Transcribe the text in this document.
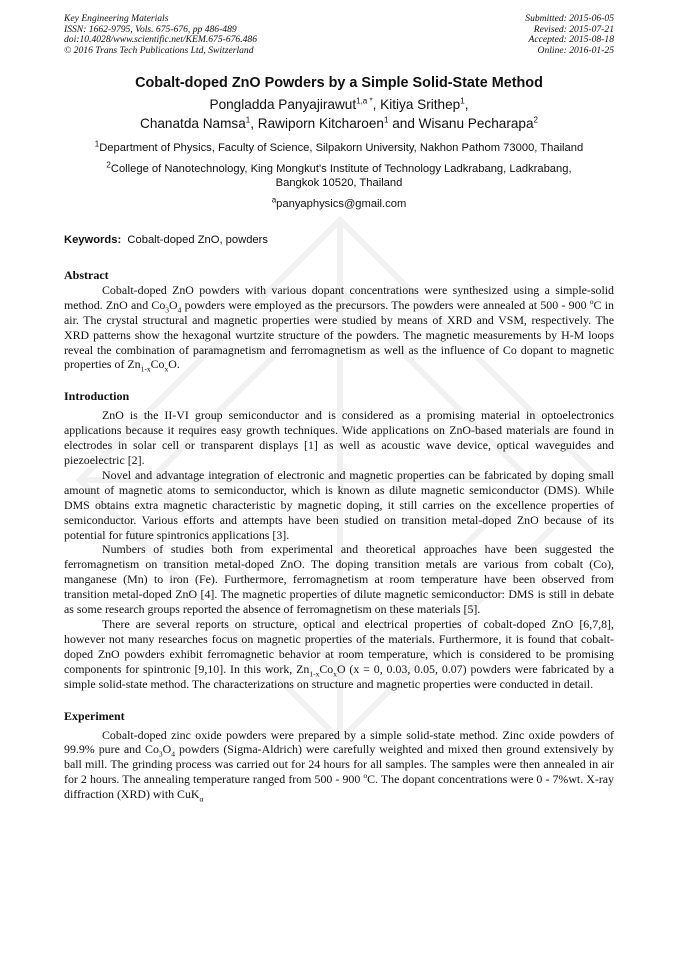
Key Engineering Materials
ISSN: 1662-9795, Vols. 675-676, pp 486-489
doi:10.4028/www.scientific.net/KEM.675-676.486
© 2016 Trans Tech Publications Ltd, Switzerland
Submitted: 2015-06-05
Revised: 2015-07-21
Accepted: 2015-08-18
Online: 2016-01-25
Cobalt-doped ZnO Powders by a Simple Solid-State Method
Pongladda Panyajirawut$^{1,a *}$, Kitiya Srithep$^1$,
Chanatda Namsa$^1$, Rawiporn Kitcharoen$^1$ and Wisanu Pecharapa$^2$
$^1$Department of Physics, Faculty of Science, Silpakorn University, Nakhon Pathom 73000, Thailand
$^2$College of Nanotechnology, King Mongkut's Institute of Technology Ladkrabang, Ladkrabang, Bangkok 10520, Thailand
$^a$panyaphysics@gmail.com
Keywords:  Cobalt-doped ZnO, powders
Abstract

Cobalt-doped ZnO powders with various dopant concentrations were synthesized using a simple-solid method. ZnO and $Co_3O_4$ powders were employed as the precursors. The powders were annealed at 500 - 900 $^o$C in air. The crystal structural and magnetic properties were studied by means of XRD and VSM, respectively. The XRD patterns show the hexagonal wurtzite structure of the powders. The magnetic measurements by H-M loops reveal the combination of paramagnetism and ferromagnetism as well as the influence of Co dopant to magnetic properties of $Zn_{1-x}Co_xO$.

Introduction

ZnO is the II-VI group semiconductor and is considered as a promising material in optoelectronics applications because it requires easy growth techniques. Wide applications on ZnO-based materials are found in electrodes in solar cell or transparent displays [1] as well as acoustic wave device, optical waveguides and piezoelectric [2].

Novel and advantage integration of electronic and magnetic properties can be fabricated by doping small amount of magnetic atoms to semiconductor, which is known as dilute magnetic semiconductor (DMS). While DMS obtains extra magnetic characteristic by magnetic doping, it still carries on the excellence properties of semiconductor. Various efforts and attempts have been studied on transition metal-doped ZnO because of its potential for future spintronics applications [3].

Numbers of studies both from experimental and theoretical approaches have been suggested the ferromagnetism on transition metal-doped ZnO. The doping transition metals are various from cobalt (Co), manganese (Mn) to iron (Fe). Furthermore, ferromagnetism at room temperature have been observed from transition metal-doped ZnO [4]. The magnetic properties of dilute magnetic semiconductor: DMS is still in debate as some research groups reported the absence of ferromagnetism on these materials [5].

There are several reports on structure, optical and electrical properties of cobalt-doped ZnO [6,7,8], however not many researches focus on magnetic properties of the materials. Furthermore, it is found that cobalt-doped ZnO powders exhibit ferromagnetic behavior at room temperature, which is considered to be promising components for spintronic [9,10]. In this work, $Zn_{1-x}Co_xO$ (x = 0, 0.03, 0.05, 0.07) powders were fabricated by a simple solid-state method. The characterizations on structure and magnetic properties were conducted in detail.

Experiment

Cobalt-doped zinc oxide powders were prepared by a simple solid-state method. Zinc oxide powders of 99.9% pure and $Co_3O_4$ powders (Sigma-Aldrich) were carefully weighted and mixed then ground extensively by ball mill. The grinding process was carried out for 24 hours for all samples. The samples were then annealed in air for 2 hours. The annealing temperature ranged from 500 - 900 $^o$C. The dopant concentrations were 0 - 7%wt. X-ray diffraction (XRD) with CuK$_\alpha$
